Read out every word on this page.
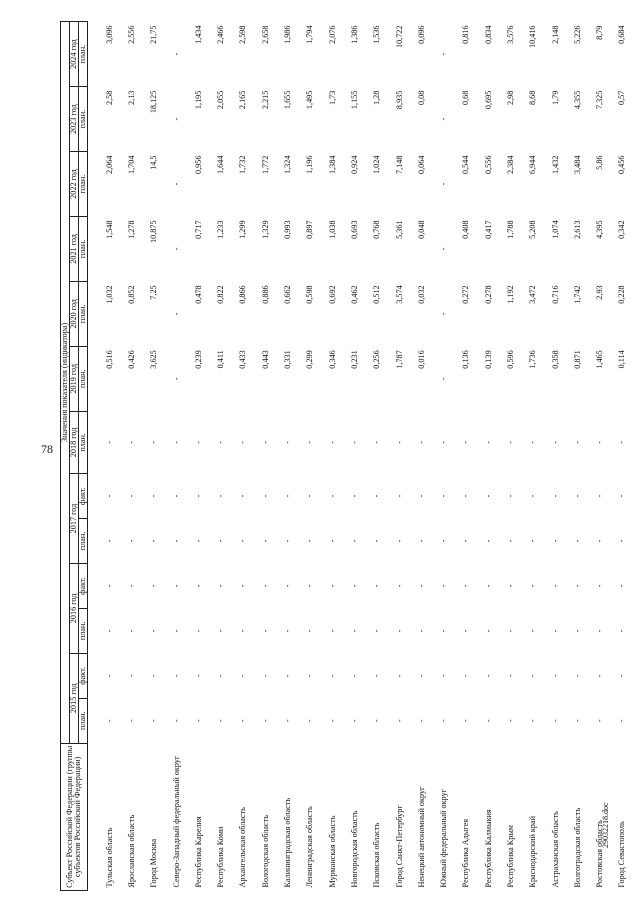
78
29032218.doc
Субъект Российской Федерации (группы субъектов Российской Федерации)	Значения показателя (индикатора)												
	2015 год		2016 год		2017 год		2018 год	2019 год	2020 год	2021 год	2022 год	2023 год	2024 год
	план.	факт.	план.	факт.	план.	факт.	план.	план.	план.	план.	план.	план.	план.

Тульская область	-	-	-	-	-	-	-	0,516	1,032	1,548	2,064	2,58	3,096
Ярославская область	-	-	-	-	-	-	-	0,426	0,852	1,278	1,704	2,13	2,556
Город Москва	-	-	-	-	-	-	-	3,625	7,25	10,875	14,5	18,125	21,75
Северо-Западный федеральный округ	-	-	-	-	-	-	-	-	-	-	-	-	-
Республика Карелия	-	-	-	-	-	-	-	0,239	0,478	0,717	0,956	1,195	1,434
Республика Коми	-	-	-	-	-	-	-	0,411	0,822	1,233	1,644	2,055	2,466
Архангельская область	-	-	-	-	-	-	-	0,433	0,866	1,299	1,732	2,165	2,598
Вологодская область	-	-	-	-	-	-	-	0,443	0,886	1,329	1,772	2,215	2,658
Калининградская область	-	-	-	-	-	-	-	0,331	0,662	0,993	1,324	1,655	1,986
Ленинградская область	-	-	-	-	-	-	-	0,299	0,598	0,897	1,196	1,495	1,794
Мурманская область	-	-	-	-	-	-	-	0,346	0,692	1,038	1,384	1,73	2,076
Новгородская область	-	-	-	-	-	-	-	0,231	0,462	0,693	0,924	1,155	1,386
Псковская область	-	-	-	-	-	-	-	0,256	0,512	0,768	1,024	1,28	1,536
Город Санкт-Петербург	-	-	-	-	-	-	-	1,787	3,574	5,361	7,148	8,935	10,722
Ненецкий автономный округ	-	-	-	-	-	-	-	0,016	0,032	0,048	0,064	0,08	0,096
Южный федеральный округ	-	-	-	-	-	-	-	-	-	-	-	-	-
Республика Адыгея	-	-	-	-	-	-	-	0,136	0,272	0,408	0,544	0,68	0,816
Республика Калмыкия	-	-	-	-	-	-	-	0,139	0,278	0,417	0,556	0,695	0,834
Республика Крым	-	-	-	-	-	-	-	0,596	1,192	1,788	2,384	2,98	3,576
Краснодарский край	-	-	-	-	-	-	-	1,736	3,472	5,208	6,944	8,68	10,416
Астраханская область	-	-	-	-	-	-	-	0,358	0,716	1,074	1,432	1,79	2,148
Волгоградская область	-	-	-	-	-	-	-	0,871	1,742	2,613	3,484	4,355	5,226
Ростовская область	-	-	-	-	-	-	-	1,465	2,93	4,395	5,86	7,325	8,79
Город Севастополь	-	-	-	-	-	-	-	0,114	0,228	0,342	0,456	0,57	0,684
